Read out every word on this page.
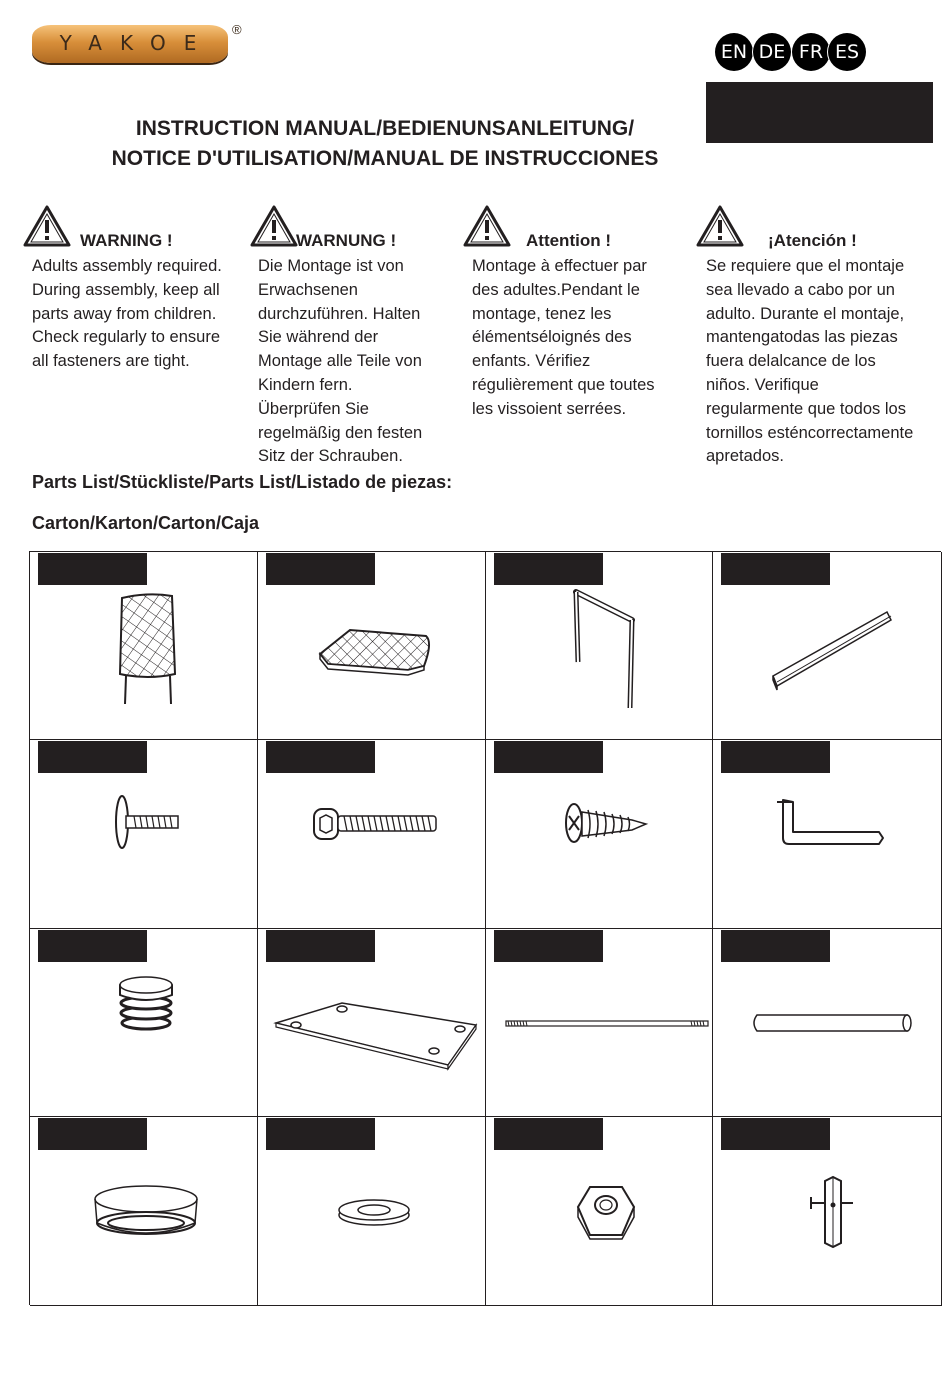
YAKOE
®
EN DE FR ES
INSTRUCTION MANUAL/BEDIENUNSANLEITUNG/
NOTICE D'UTILISATION/MANUAL DE INSTRUCCIONES
WARNING !	WARNUNG !	Attention !	¡Atención !
Adults assembly required.
During assembly, keep all
parts away from children.
Check regularly to ensure
all fasteners are tight.
Die Montage ist von
Erwachsenen
durchzuführen. Halten
Sie während der
Montage alle Teile von
Kindern fern.
Überprüfen Sie
regelmäßig den festen
Sitz der Schrauben.
Montage à effectuer par
des adultes.Pendant le
montage, tenez les
élémentséloignés des
enfants. Vérifiez
régulièrement que toutes
les vissoient serrées.
Se requiere que el montaje
sea llevado a cabo por un
adulto. Durante el montaje,
mantengatodas las piezas
fuera delalcance de los
niños. Verifique
regularmente que todos los
tornillos esténcorrectamente
apretados.
Parts List/Stückliste/Parts List/Listado de piezas:
Carton/Karton/Carton/Caja
